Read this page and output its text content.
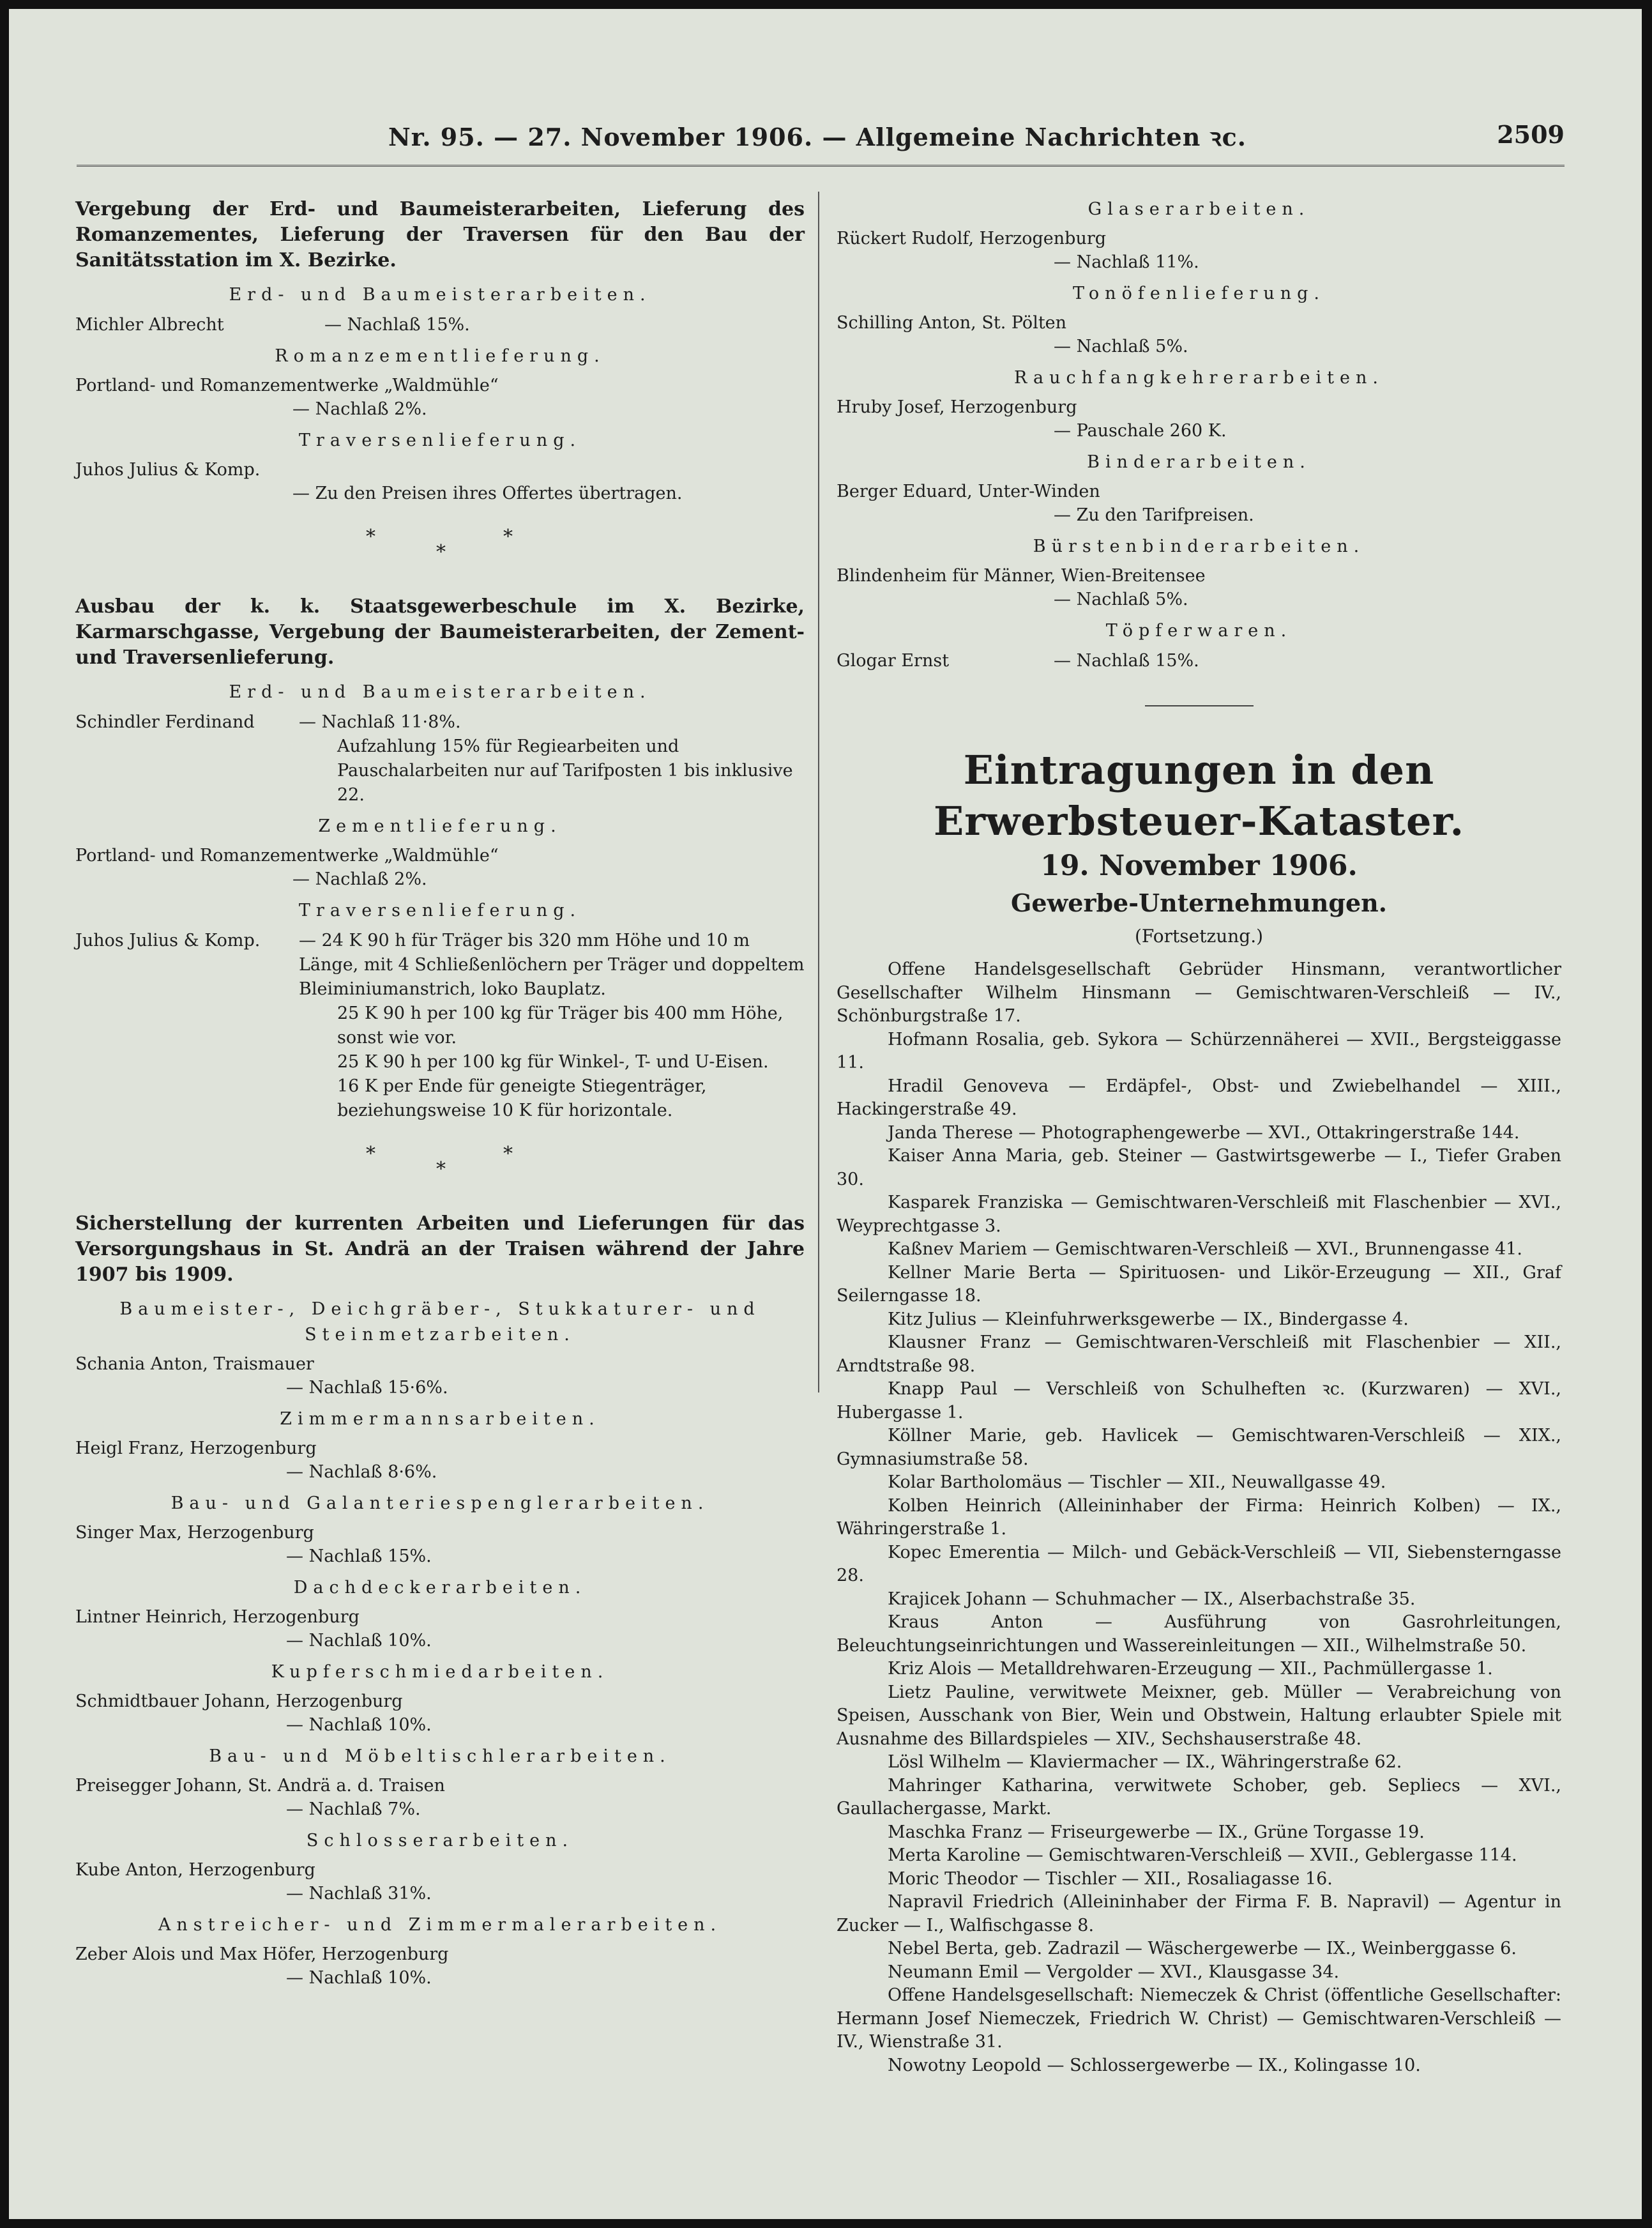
Nr. 95. — 27. November 1906. — Allgemeine Nachrichten ꝛc.	2509
Vergebung der Erd- und Baumeisterarbeiten, Lieferung des Romanzementes, Lieferung der Traversen für den Bau der Sanitätsstation im X. Bezirke.
Erd- und Baumeisterarbeiten.
Michler Albrecht	— Nachlaß 15%.
Romanzementlieferung.
Portland- und Romanzementwerke „Waldmühle“
— Nachlaß 2%.
Traversenlieferung.
Juhos Julius & Komp.
— Zu den Preisen ihres Offertes übertragen.
*
*
*
Ausbau der k. k. Staatsgewerbeschule im X. Bezirke, Karmarschgasse, Vergebung der Baumeisterarbeiten, der Zement- und Traversenlieferung.
Erd- und Baumeisterarbeiten.
Schindler Ferdinand	— Nachlaß 11·8%.
Aufzahlung 15% für Regiearbeiten und Pauschalarbeiten nur auf Tarifposten 1 bis inklusive 22.
Zementlieferung.
Portland- und Romanzementwerke „Waldmühle“
— Nachlaß 2%.
Traversenlieferung.
Juhos Julius & Komp.	— 24 K 90 h für Träger bis 320 mm Höhe und 10 m Länge, mit 4 Schließenlöchern per Träger und doppeltem Bleiminiumanstrich, loko Bauplatz.
25 K 90 h per 100 kg für Träger bis 400 mm Höhe, sonst wie vor.
25 K 90 h per 100 kg für Winkel-, T- und U-Eisen.
16 K per Ende für geneigte Stiegenträger, beziehungsweise 10 K für horizontale.
*
*
*
Sicherstellung der kurrenten Arbeiten und Lieferungen für das Versorgungshaus in St. Andrä an der Traisen während der Jahre 1907 bis 1909.
Baumeister-, Deichgräber-, Stukkaturer- und Steinmetzarbeiten.
Schania Anton, Traismauer
— Nachlaß 15·6%.
Zimmermannsarbeiten.
Heigl Franz, Herzogenburg
— Nachlaß 8·6%.
Bau- und Galanteriespenglerarbeiten.
Singer Max, Herzogenburg
— Nachlaß 15%.
Dachdeckerarbeiten.
Lintner Heinrich, Herzogenburg
— Nachlaß 10%.
Kupferschmiedarbeiten.
Schmidtbauer Johann, Herzogenburg
— Nachlaß 10%.
Bau- und Möbeltischlerarbeiten.
Preisegger Johann, St. Andrä a. d. Traisen
— Nachlaß 7%.
Schlosserarbeiten.
Kube Anton, Herzogenburg
— Nachlaß 31%.
Anstreicher- und Zimmermalerarbeiten.
Zeber Alois und Max Höfer, Herzogenburg
— Nachlaß 10%.
Glaserarbeiten.
Rückert Rudolf, Herzogenburg
— Nachlaß 11%.
Tonöfenlieferung.
Schilling Anton, St. Pölten
— Nachlaß 5%.
Rauchfangkehrerarbeiten.
Hruby Josef, Herzogenburg
— Pauschale 260 K.
Binderarbeiten.
Berger Eduard, Unter-Winden
— Zu den Tarifpreisen.
Bürstenbinderarbeiten.
Blindenheim für Männer, Wien-Breitensee
— Nachlaß 5%.
Töpferwaren.
Glogar Ernst	— Nachlaß 15%.
Eintragungen in den Erwerbsteuer-Kataster.
19. November 1906.
Gewerbe-Unternehmungen.
(Fortsetzung.)

Offene Handelsgesellschaft Gebrüder Hinsmann, verantwortlicher Gesellschafter Wilhelm Hinsmann — Gemischtwaren-Verschleiß — IV., Schönburgstraße 17.

Hofmann Rosalia, geb. Sykora — Schürzennäherei — XVII., Bergsteiggasse 11.

Hradil Genoveva — Erdäpfel-, Obst- und Zwiebelhandel — XIII., Hackingerstraße 49.

Janda Therese — Photographengewerbe — XVI., Ottakringerstraße 144.

Kaiser Anna Maria, geb. Steiner — Gastwirtsgewerbe — I., Tiefer Graben 30.

Kasparek Franziska — Gemischtwaren-Verschleiß mit Flaschenbier — XVI., Weyprechtgasse 3.

Kaßnev Mariem — Gemischtwaren-Verschleiß — XVI., Brunnengasse 41.

Kellner Marie Berta — Spirituosen- und Likör-Erzeugung — XII., Graf Seilerngasse 18.

Kitz Julius — Kleinfuhrwerksgewerbe — IX., Bindergasse 4.

Klausner Franz — Gemischtwaren-Verschleiß mit Flaschenbier — XII., Arndtstraße 98.

Knapp Paul — Verschleiß von Schulheften ꝛc. (Kurzwaren) — XVI., Hubergasse 1.

Köllner Marie, geb. Havlicek — Gemischtwaren-Verschleiß — XIX., Gymnasiumstraße 58.

Kolar Bartholomäus — Tischler — XII., Neuwallgasse 49.

Kolben Heinrich (Alleininhaber der Firma: Heinrich Kolben) — IX., Währingerstraße 1.

Kopec Emerentia — Milch- und Gebäck-Verschleiß — VII, Siebensterngasse 28.

Krajicek Johann — Schuhmacher — IX., Alserbachstraße 35.

Kraus Anton — Ausführung von Gasrohrleitungen, Beleuchtungseinrichtungen und Wassereinleitungen — XII., Wilhelmstraße 50.

Kriz Alois — Metalldrehwaren-Erzeugung — XII., Pachmüllergasse 1.

Lietz Pauline, verwitwete Meixner, geb. Müller — Verabreichung von Speisen, Ausschank von Bier, Wein und Obstwein, Haltung erlaubter Spiele mit Ausnahme des Billardspieles — XIV., Sechshauserstraße 48.

Lösl Wilhelm — Klaviermacher — IX., Währingerstraße 62.

Mahringer Katharina, verwitwete Schober, geb. Sepliecs — XVI., Gaullachergasse, Markt.

Maschka Franz — Friseurgewerbe — IX., Grüne Torgasse 19.

Merta Karoline — Gemischtwaren-Verschleiß — XVII., Geblergasse 114.

Moric Theodor — Tischler — XII., Rosaliagasse 16.

Napravil Friedrich (Alleininhaber der Firma F. B. Napravil) — Agentur in Zucker — I., Walfischgasse 8.

Nebel Berta, geb. Zadrazil — Wäschergewerbe — IX., Weinberggasse 6.

Neumann Emil — Vergolder — XVI., Klausgasse 34.

Offene Handelsgesellschaft: Niemeczek & Christ (öffentliche Gesellschafter: Hermann Josef Niemeczek, Friedrich W. Christ) — Gemischtwaren-Verschleiß — IV., Wienstraße 31.

Nowotny Leopold — Schlossergewerbe — IX., Kolingasse 10.
